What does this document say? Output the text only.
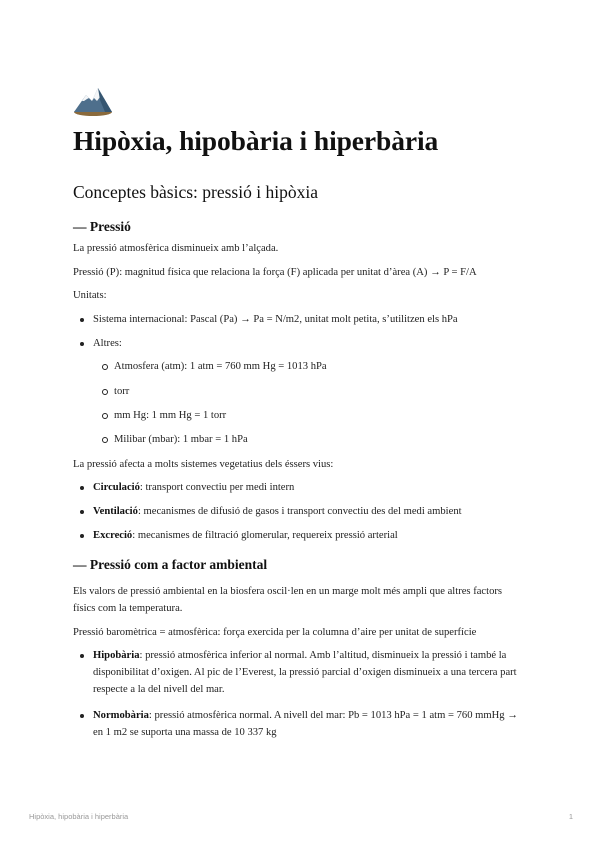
Hipòxia, hipobària i hiperbària
Conceptes bàsics: pressió i hipòxia
— Pressió

La pressió atmosfèrica disminueix amb l’alçada.

Pressió (P): magnitud física que relaciona la força (F) aplicada per unitat d’àrea (A) → P = F/A

Unitats:

Sistema internacional: Pascal (Pa) → Pa = N/m2, unitat molt petita, s’utilitzen els hPa
Altres:
Atmosfera (atm): 1 atm = 760 mm Hg = 1013 hPa
torr
mm Hg: 1 mm Hg = 1 torr
Milibar (mbar): 1 mbar = 1 hPa

La pressió afecta a molts sistemes vegetatius dels éssers vius:

Circulació: transport convectiu per medi intern
Ventilació: mecanismes de difusió de gasos i transport convectiu des del medi ambient
Excreció: mecanismes de filtració glomerular, requereix pressió arterial
— Pressió com a factor ambiental

Els valors de pressió ambiental en la biosfera oscil·len en un marge molt més ampli que altres factors físics com la temperatura.

Pressió baromètrica = atmosfèrica: força exercida per la columna d’aire per unitat de superfície

Hipobària: pressió atmosfèrica inferior al normal. Amb l’altitud, disminueix la pressió i també la disponibilitat d’oxigen. Al pic de l’Everest, la pressió parcial d’oxigen disminueix a una tercera part respecte a la del nivell del mar.
Normobària: pressió atmosfèrica normal. A nivell del mar: Pb = 1013 hPa = 1 atm = 760 mmHg → en 1 m2 se suporta una massa de 10 337 kg
Hipòxia, hipobària i hiperbària	1
